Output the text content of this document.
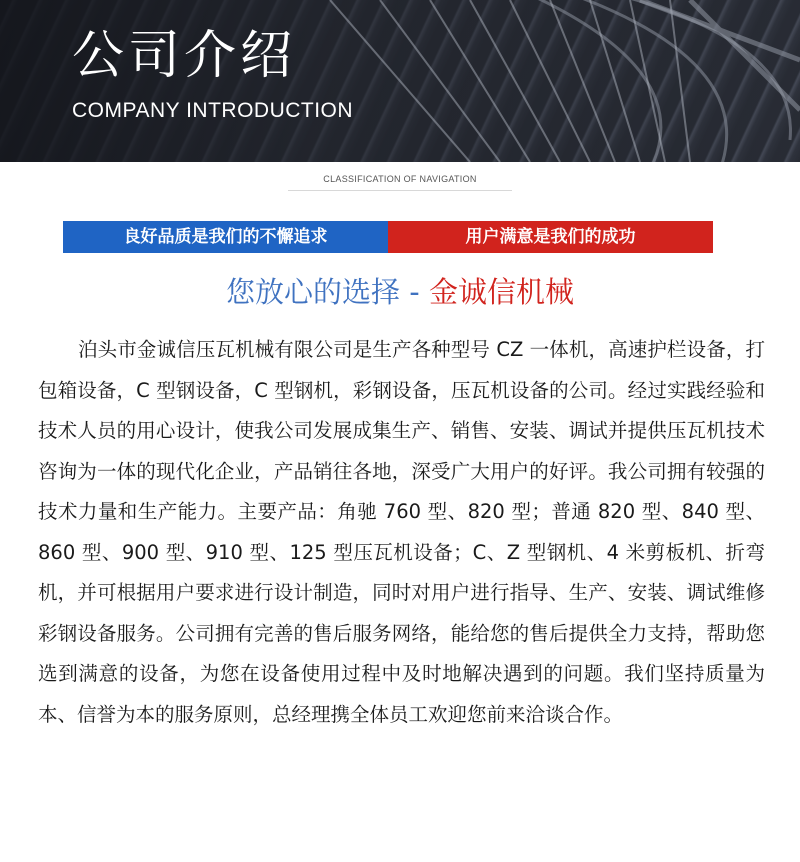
公司介绍
COMPANY INTRODUCTION
CLASSIFICATION OF NAVIGATION
良好品质是我们的不懈追求	用户满意是我们的成功
您放心的选择 - 金诚信机械

泊头市金诚信压瓦机械有限公司是生产各种型号 CZ 一体机，高速护栏设备，打包箱设备，C 型钢设备，C 型钢机，彩钢设备，压瓦机设备的公司。经过实践经验和技术人员的用心设计，使我公司发展成集生产、销售、安装、调试并提供压瓦机技术咨询为一体的现代化企业，产品销往各地，深受广大用户的好评。我公司拥有较强的技术力量和生产能力。主要产品：角驰 760 型、820 型；普通 820 型、840 型、860 型、900 型、910 型、125 型压瓦机设备；C、Z 型钢机、4 米剪板机、折弯机，并可根据用户要求进行设计制造，同时对用户进行指导、生产、安装、调试维修彩钢设备服务。公司拥有完善的售后服务网络，能给您的售后提供全力支持，帮助您选到满意的设备，为您在设备使用过程中及时地解决遇到的问题。我们坚持质量为本、信誉为本的服务原则，总经理携全体员工欢迎您前来洽谈合作。
